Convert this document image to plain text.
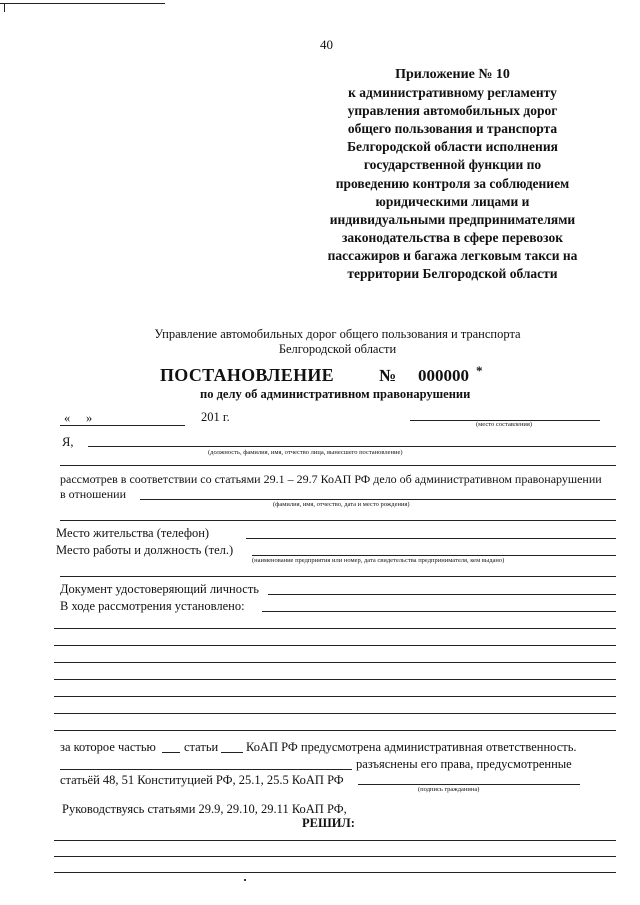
40
Приложение № 10
к административному регламенту
управления автомобильных дорог
общего пользования и транспорта
Белгородской области исполнения
государственной функции по
проведению контроля за соблюдением
юридическими лицами и
индивидуальными предпринимателями
законодательства в сфере перевозок
пассажиров и багажа легковым такси на
территории Белгородской области
Управление автомобильных дорог общего пользования и транспорта
Белгородской области
ПОСТАНОВЛЕНИЕ	№ 000000 *
по делу об административном правонарушении
« »	201 г.
(место составления)
Я,
(должность, фамилия, имя, отчество лица, вынесшего постановление)
рассмотрев в соответствии со статьями 29.1 – 29.7 КоАП РФ дело об административном правонарушении
в отношении
(фамилия, имя, отчество, дата и место рождения)
Место жительства (телефон)
Место работы и должность (тел.)
(наименование предприятия или номер, дата свидетельства предпринимателя, кем выдано)
Документ удостоверяющий личность
В ходе рассмотрения установлено:
за которое частью статьи КоАП РФ предусмотрена административная ответственность.
разъяснены его права, предусмотренные
статьёй 48, 51 Конституцией РФ, 25.1, 25.5 КоАП РФ
(подпись гражданина)
Руководствуясь статьями 29.9, 29.10, 29.11 КоАП РФ,
РЕШИЛ:
